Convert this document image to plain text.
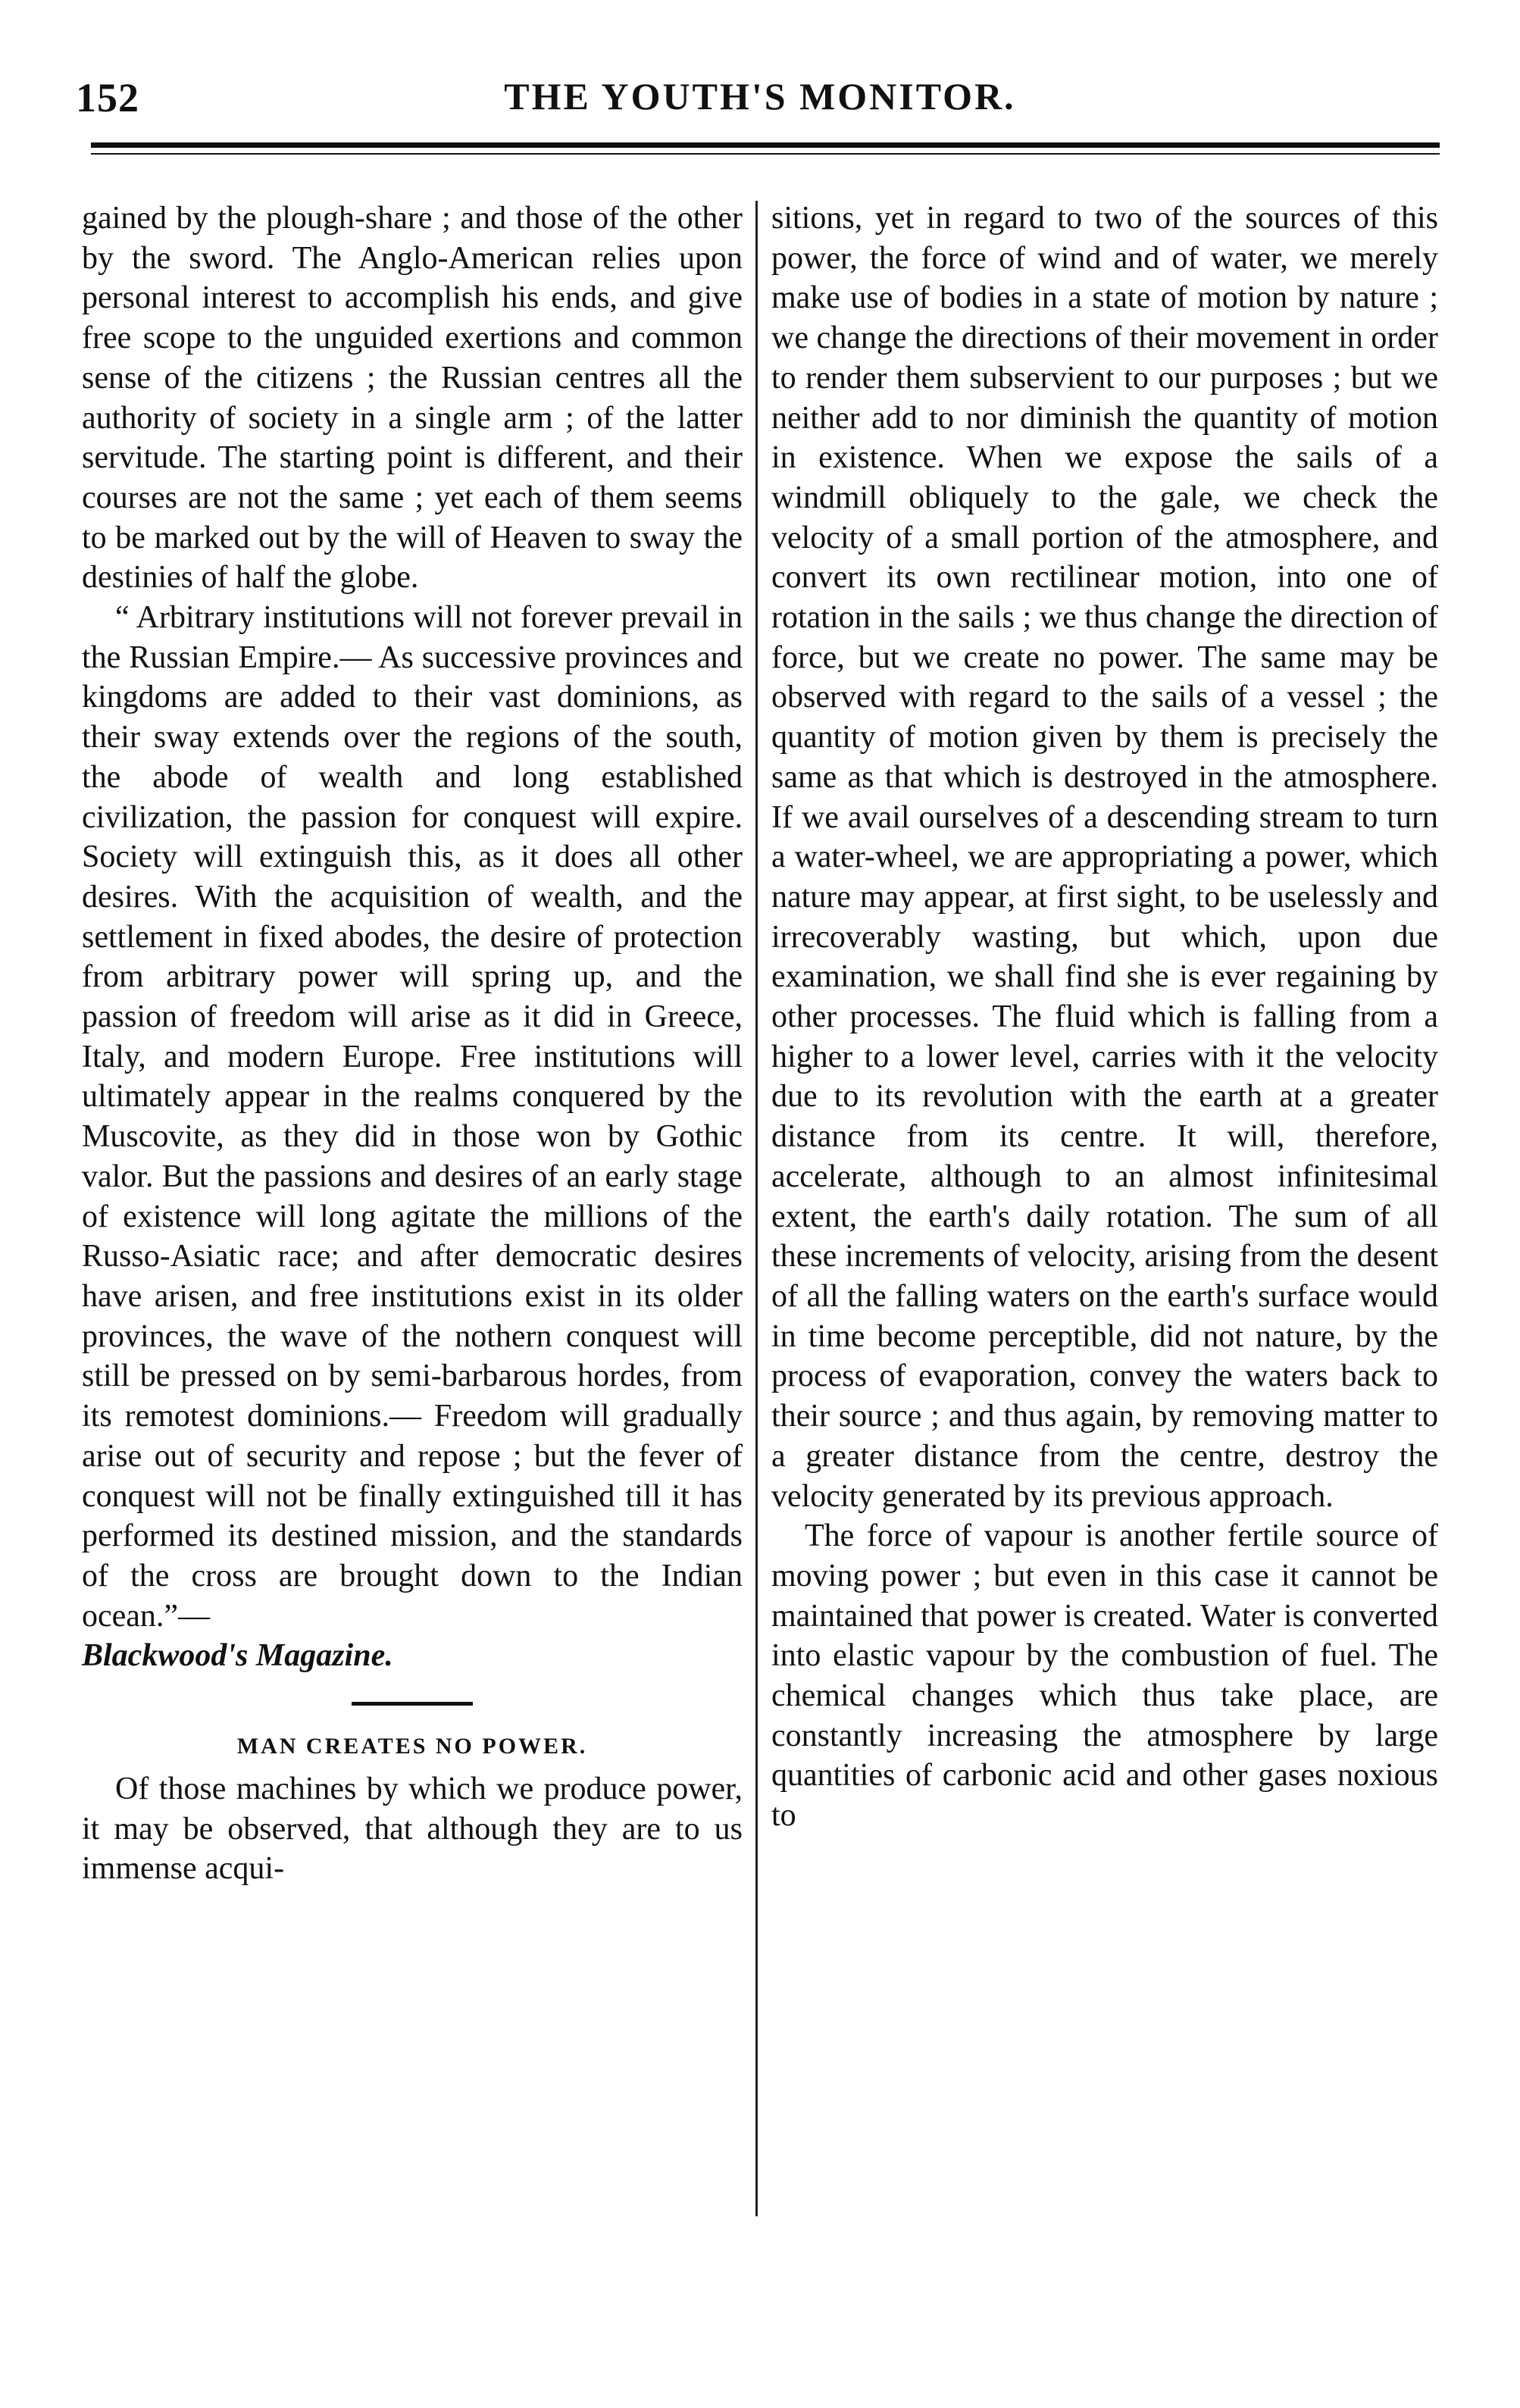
152	THE YOUTH'S MONITOR.

gained by the plough-share ; and those of the other by the sword. The Anglo-American relies upon personal interest to accomplish his ends, and give free scope to the unguided exertions and common sense of the citizens ; the Russian centres all the authority of society in a single arm ; of the latter servitude. The starting point is different, and their courses are not the same ; yet each of them seems to be marked out by the will of Heaven to sway the destinies of half the globe.

“ Arbitrary institutions will not forever prevail in the Russian Empire.— As successive provinces and kingdoms are added to their vast dominions, as their sway extends over the regions of the south, the abode of wealth and long established civilization, the passion for conquest will expire. Society will extinguish this, as it does all other desires. With the acquisition of wealth, and the settlement in fixed abodes, the desire of protection from arbitrary power will spring up, and the passion of freedom will arise as it did in Greece, Italy, and modern Europe. Free institutions will ultimately appear in the realms conquered by the Muscovite, as they did in those won by Gothic valor. But the passions and desires of an early stage of existence will long agitate the millions of the Russo-Asiatic race; and after democratic desires have arisen, and free institutions exist in its older provinces, the wave of the nothern conquest will still be pressed on by semi-barbarous hordes, from its remotest dominions.— Freedom will gradually arise out of security and repose ; but the fever of conquest will not be finally extinguished till it has performed its destined mission, and the standards of the cross are brought down to the Indian ocean.”—

Blackwood's Magazine.

MAN CREATES NO POWER.

Of those machines by which we produce power, it may be observed, that although they are to us immense acqui-

sitions, yet in regard to two of the sources of this power, the force of wind and of water, we merely make use of bodies in a state of motion by nature ; we change the directions of their movement in order to render them subservient to our purposes ; but we neither add to nor diminish the quantity of motion in existence. When we expose the sails of a windmill obliquely to the gale, we check the velocity of a small portion of the atmosphere, and convert its own rectilinear motion, into one of rotation in the sails ; we thus change the direction of force, but we create no power. The same may be observed with regard to the sails of a vessel ; the quantity of motion given by them is precisely the same as that which is destroyed in the atmosphere. If we avail ourselves of a descending stream to turn a water-wheel, we are appropriating a power, which nature may appear, at first sight, to be uselessly and irrecoverably wasting, but which, upon due examination, we shall find she is ever regaining by other processes. The fluid which is falling from a higher to a lower level, carries with it the velocity due to its revolution with the earth at a greater distance from its centre. It will, therefore, accelerate, although to an almost infinitesimal extent, the earth's daily rotation. The sum of all these increments of velocity, arising from the desent of all the falling waters on the earth's surface would in time become perceptible, did not nature, by the process of evaporation, convey the waters back to their source ; and thus again, by removing matter to a greater distance from the centre, destroy the velocity generated by its previous approach.

The force of vapour is another fertile source of moving power ; but even in this case it cannot be maintained that power is created. Water is converted into elastic vapour by the combustion of fuel. The chemical changes which thus take place, are constantly increasing the atmosphere by large quantities of carbonic acid and other gases noxious to
